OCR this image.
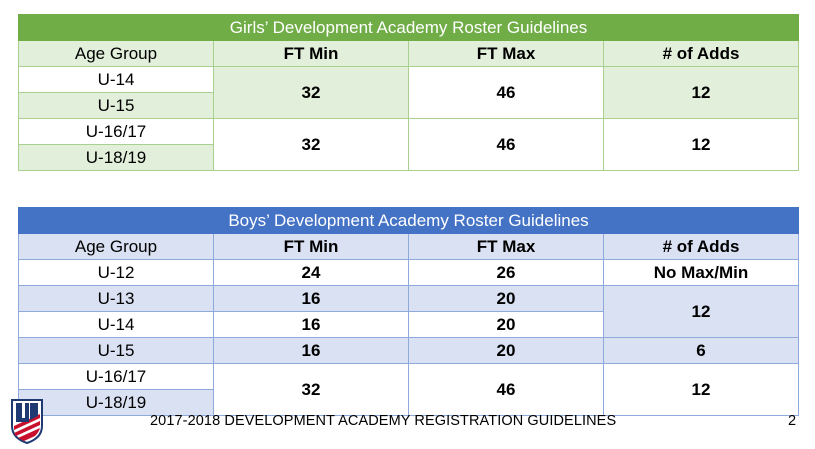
Girls’ Development Academy Roster Guidelines			
Age Group	FT Min	FT Max	# of Adds
U-14	32	46	12
U-15			
U-16/17	32	46	12
U-18/19			
Boys’ Development Academy Roster Guidelines			
Age Group	FT Min	FT Max	# of Adds
U-12	24	26	No Max/Min
U-13	16	20	12
U-14	16	20	
U-15	16	20	6
U-16/17	32	46	12
U-18/19			
2017-2018 DEVELOPMENT ACADEMY REGISTRATION GUIDELINES	2
